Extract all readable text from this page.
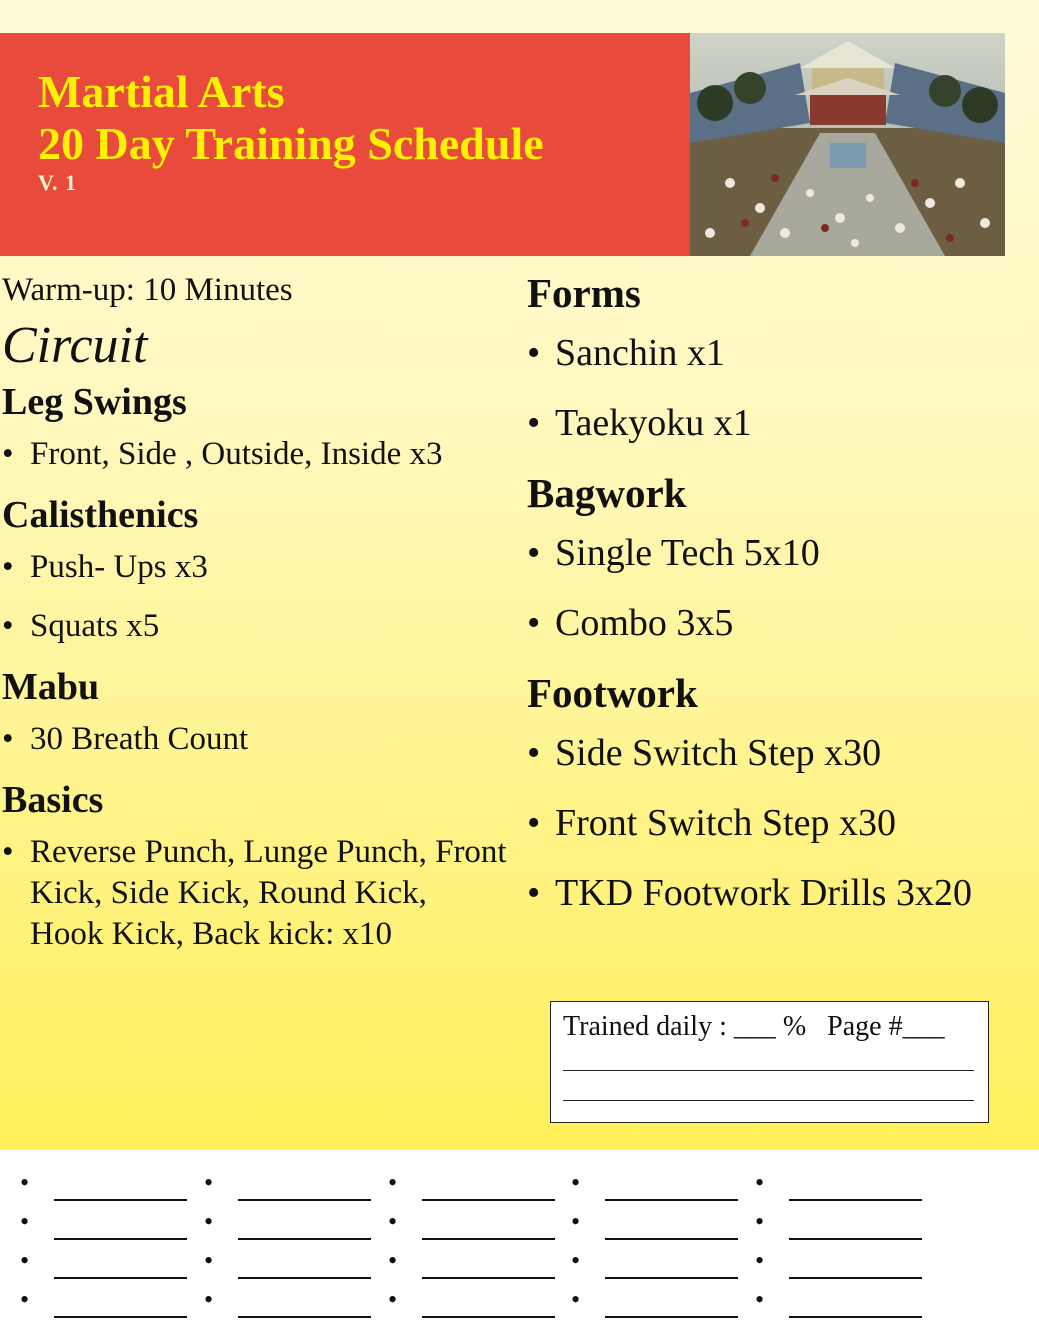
Martial Arts
20 Day Training Schedule
V. 1

Warm-up: 10 Minutes

Circuit
Leg Swings
• Front, Side , Outside, Inside x3
Calisthenics
• Push- Ups x3
• Squats x5
Mabu
• 30 Breath Count
Basics
• Reverse Punch, Lunge Punch, Front Kick, Side Kick, Round Kick, Hook Kick, Back kick: x10
Forms
• Sanchin x1
• Taekyoku x1
Bagwork
• Single Tech 5x10
• Combo 3x5
Footwork
• Side Switch Step x30
• Front Switch Step x30
• TKD Footwork Drills 3x20
Trained daily : ___ %   Page #___
•	•	•	•	•
•	•	•	•	•
•	•	•	•	•
•	•	•	•	•
